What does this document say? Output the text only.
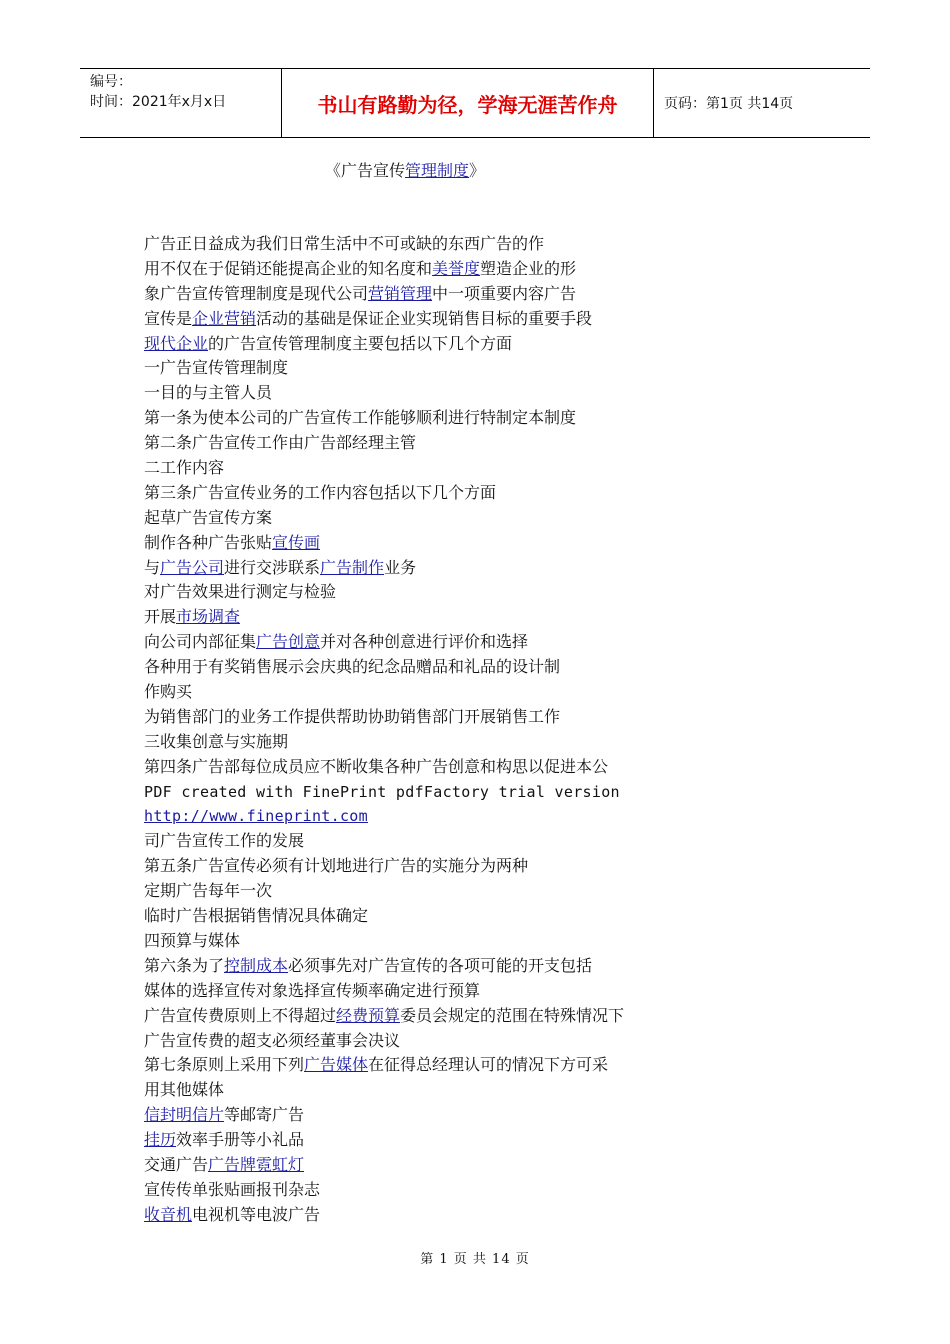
编号：
时间：2021年x月x日	书山有路勤为径，学海无涯苦作舟	页码：第1页 共14页
《广告宣传管理制度》
广告正日益成为我们日常生活中不可或缺的东西广告的作
用不仅在于促销还能提高企业的知名度和美誉度塑造企业的形
象广告宣传管理制度是现代公司营销管理中一项重要内容广告
宣传是企业营销活动的基础是保证企业实现销售目标的重要手段
现代企业的广告宣传管理制度主要包括以下几个方面
一广告宣传管理制度
一目的与主管人员
第一条为使本公司的广告宣传工作能够顺利进行特制定本制度
第二条广告宣传工作由广告部经理主管
二工作内容
第三条广告宣传业务的工作内容包括以下几个方面
起草广告宣传方案
制作各种广告张贴宣传画
与广告公司进行交涉联系广告制作业务
对广告效果进行测定与检验
开展市场调查
向公司内部征集广告创意并对各种创意进行评价和选择
各种用于有奖销售展示会庆典的纪念品赠品和礼品的设计制
作购买
为销售部门的业务工作提供帮助协助销售部门开展销售工作
三收集创意与实施期
第四条广告部每位成员应不断收集各种广告创意和构思以促进本公
PDF created with FinePrint pdfFactory trial version
http://www.fineprint.com
司广告宣传工作的发展
第五条广告宣传必须有计划地进行广告的实施分为两种
定期广告每年一次
临时广告根据销售情况具体确定
四预算与媒体
第六条为了控制成本必须事先对广告宣传的各项可能的开支包括
媒体的选择宣传对象选择宣传频率确定进行预算
广告宣传费原则上不得超过经费预算委员会规定的范围在特殊情况下
广告宣传费的超支必须经董事会决议
第七条原则上采用下列广告媒体在征得总经理认可的情况下方可采
用其他媒体
信封明信片等邮寄广告
挂历效率手册等小礼品
交通广告广告牌霓虹灯
宣传传单张贴画报刊杂志
收音机电视机等电波广告
第 1 页 共 14 页
